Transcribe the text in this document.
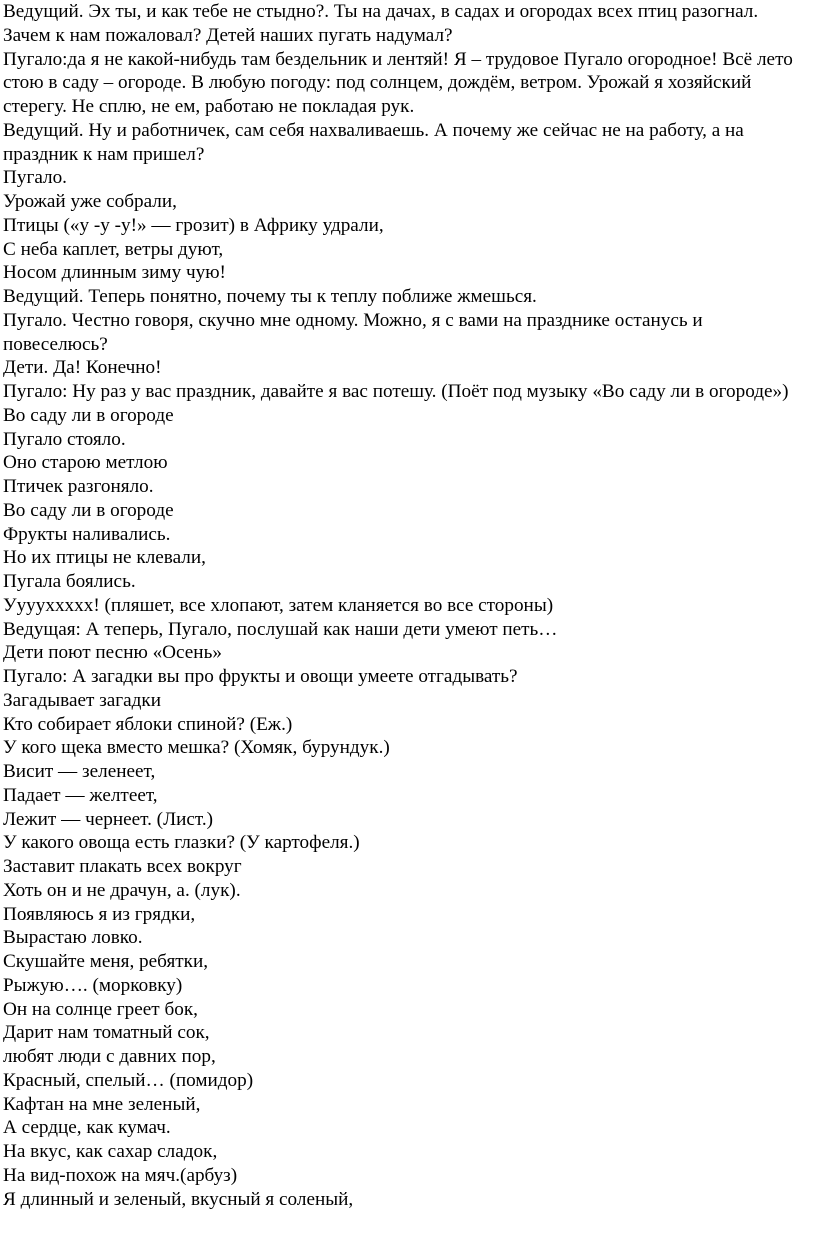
Ведущий. Эх ты, и как тебе не стыдно?. Ты на дачах, в садах и огородах всех птиц разогнал. Зачем к нам пожаловал? Детей наших пугать надумал?

Пугало:да я не какой-нибудь там бездельник и лентяй! Я – трудовое Пугало огородное! Всё лето стою в саду – огороде. В любую погоду: под солнцем, дождём, ветром. Урожай я хозяйский стерегу. Не сплю, не ем, работаю не покладая рук.

Ведущий. Ну и работничек, сам себя нахваливаешь. А почему же сейчас не на работу, а на праздник к нам пришел?

Пугало.

Урожай уже собрали,

Птицы («у -у -у!» — грозит) в Африку удрали,

С неба каплет, ветры дуют,

Носом длинным зиму чую!

Ведущий. Теперь понятно, почему ты к теплу поближе жмешься.

Пугало. Честно говоря, скучно мне одному. Можно, я с вами на празднике останусь и повеселюсь?

Дети. Да! Конечно!

Пугало: Ну раз у вас праздник, давайте я вас потешу. (Поёт под музыку «Во саду ли в огороде»)

Во саду ли в огороде

Пугало стояло.

Оно старою метлою

Птичек разгоняло.

Во саду ли в огороде

Фрукты наливались.

Но их птицы не клевали,

Пугала боялись.

Ууууххххх! (пляшет, все хлопают, затем кланяется во все стороны)

Ведущая: А теперь, Пугало, послушай как наши дети умеют петь…

Дети поют песню «Осень»

Пугало: А загадки вы про фрукты и овощи умеете отгадывать?

Загадывает загадки

Кто собирает яблоки спиной? (Еж.)

У кого щека вместо мешка? (Хомяк, бурундук.)

Висит — зеленеет,

Падает — желтеет,

Лежит — чернеет. (Лист.)

У какого овоща есть глазки? (У картофеля.)

Заставит плакать всех вокруг

Хоть он и не драчун, а. (лук).

Появляюсь я из грядки,

Вырастаю ловко.

Скушайте меня, ребятки,

Рыжую…. (морковку)

Он на солнце греет бок,

Дарит нам томатный сок,

любят люди с давних пор,

Красный, спелый… (помидор)

Кафтан на мне зеленый,

А сердце, как кумач.

На вкус, как сахар сладок,

На вид-похож на мяч.(арбуз)

Я длинный и зеленый, вкусный я соленый,
